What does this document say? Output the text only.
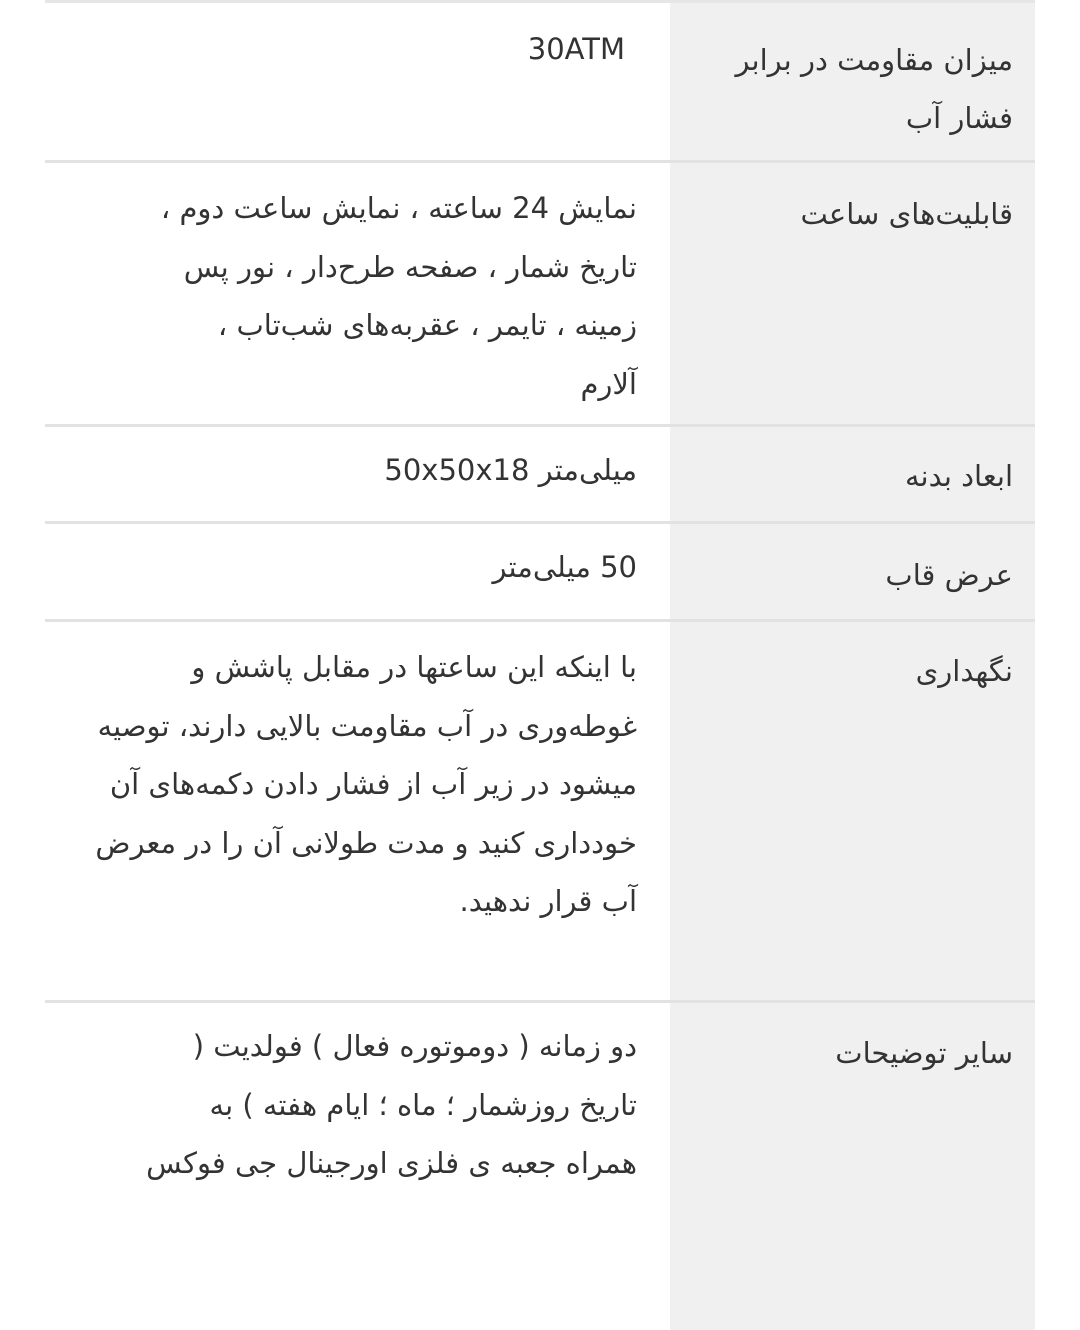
میزان مقاومت در برابر فشار آب
30ATM
قابلیت‌های ساعت
نمایش 24 ساعته ، نمایش ساعت دوم ، تاریخ شمار ، صفحه طرح‌دار ، نور پس زمینه ، تایمر ، عقربه‌های شب‌تاب ، آلارم
ابعاد بدنه
میلی‌متر 50x50x18
عرض قاب
50 میلی‌متر
نگهداری
با اینکه این ساعتها در مقابل پاشش و غوطه‌وری در آب مقاومت بالایی دارند، توصیه میشود در زیر آب از فشار دادن دکمه‌های آن خودداری کنید و مدت طولانی آن را در معرض آب قرار ندهید.
سایر توضیحات
دو زمانه ( دوموتوره فعال ) فولدیت ( تاریخ روزشمار ؛ ماه ؛ ایام هفته ) به همراه جعبه ی فلزی اورجینال جی فوکس
